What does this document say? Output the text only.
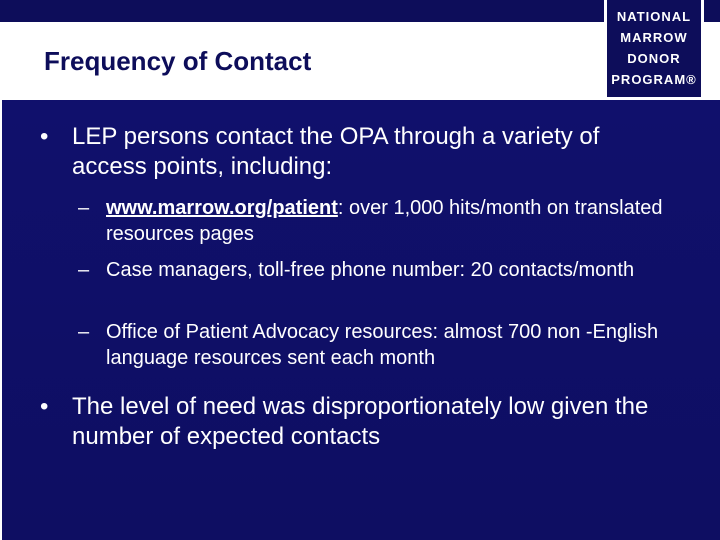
Frequency of Contact
NATIONAL
MARROW
DONOR
PROGRAM®
• LEP persons contact the OPA through a variety of access points, including:
– www.marrow.org/patient: over 1,000 hits/month on translated resources pages
– Case managers, toll-free phone number: 20 contacts/month
– Office of Patient Advocacy resources: almost 700 non -English language resources sent each month
• The level of need was disproportionately low given the number of expected contacts
